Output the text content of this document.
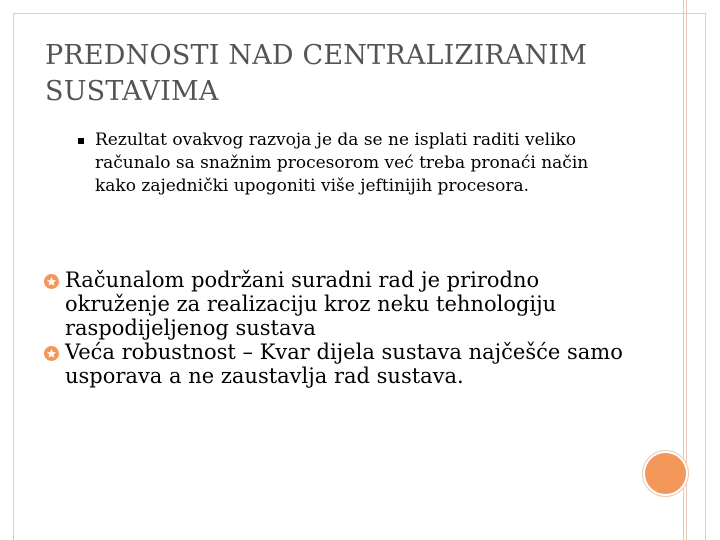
PREDNOSTI NAD CENTRALIZIRANIM SUSTAVIMA
Rezultat ovakvog razvoja je da se ne isplati raditi veliko računalo sa snažnim procesorom već treba pronaći način kako zajednički upogoniti više jeftinijih procesora.
Računalom podržani suradni rad je prirodno okruženje za realizaciju kroz neku tehnologiju raspodijeljenog sustava
Veća robustnost – Kvar dijela sustava najčešće samo usporava a ne zaustavlja rad sustava.
